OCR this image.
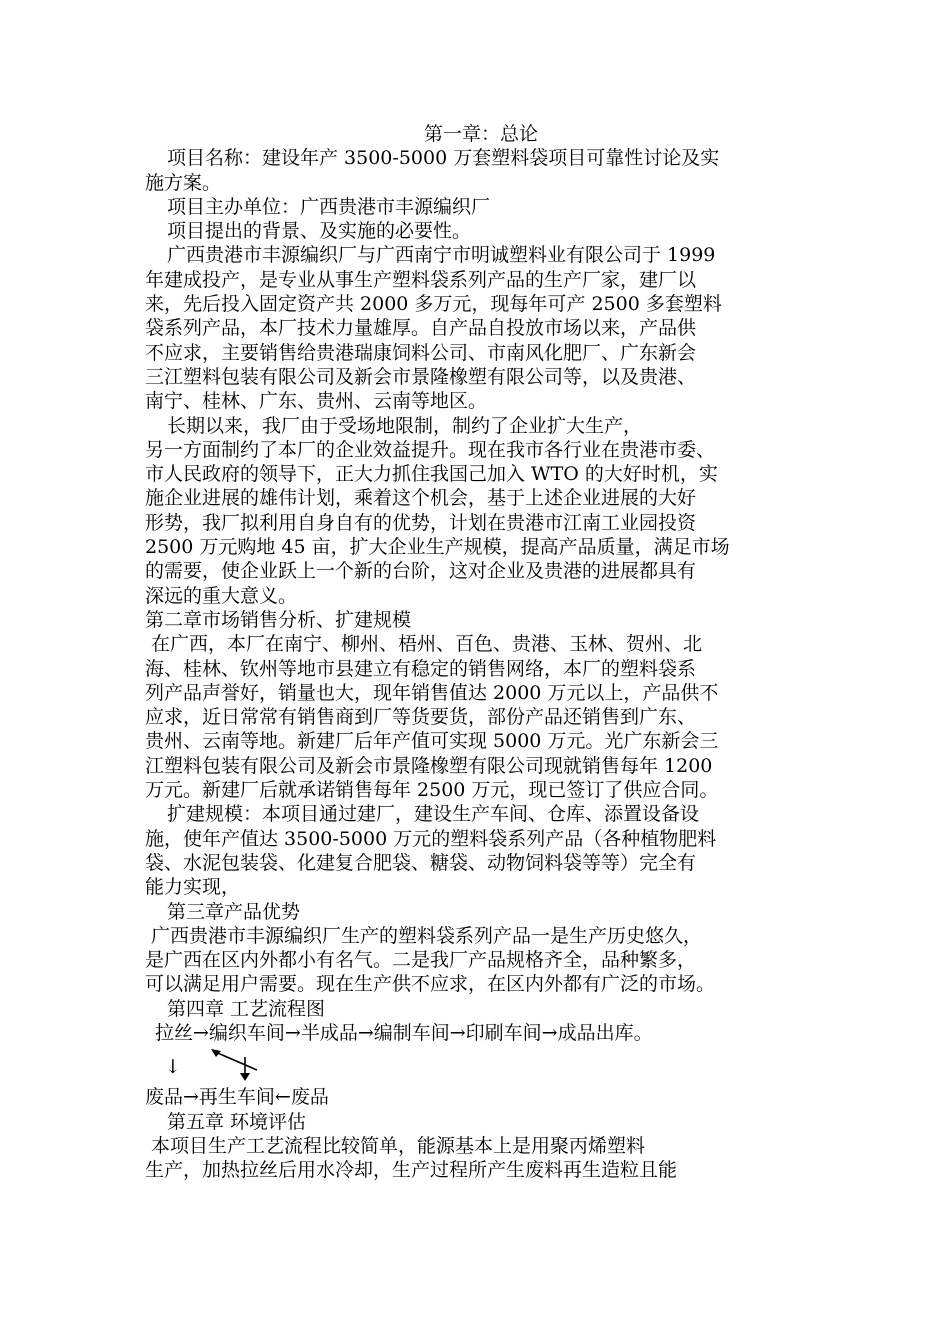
第一章：总论
项目名称：建设年产 3500-5000 万套塑料袋项目可靠性讨论及实
施方案。
项目主办单位：广西贵港市丰源编织厂
项目提出的背景、及实施的必要性。
广西贵港市丰源编织厂与广西南宁市明诚塑料业有限公司于 1999
年建成投产，是专业从事生产塑料袋系列产品的生产厂家，建厂以
来，先后投入固定资产共 2000 多万元，现每年可产 2500 多套塑料
袋系列产品，本厂技术力量雄厚。自产品自投放市场以来，产品供
不应求，主要销售给贵港瑞康饲料公司、市南风化肥厂、广东新会
三江塑料包装有限公司及新会市景隆橡塑有限公司等，以及贵港、
南宁、桂林、广东、贵州、云南等地区。
长期以来，我厂由于受场地限制，制约了企业扩大生产，
另一方面制约了本厂的企业效益提升。现在我市各行业在贵港市委、
市人民政府的领导下，正大力抓住我国己加入 WTO 的大好时机，实
施企业进展的雄伟计划，乘着这个机会，基于上述企业进展的大好
形势，我厂拟利用自身自有的优势，计划在贵港市江南工业园投资
2500 万元购地 45 亩，扩大企业生产规模，提高产品质量，满足市场
的需要，使企业跃上一个新的台阶，这对企业及贵港的进展都具有
深远的重大意义。
第二章市场销售分析、扩建规模
在广西，本厂在南宁、柳州、梧州、百色、贵港、玉林、贺州、北
海、桂林、钦州等地市县建立有稳定的销售网络，本厂的塑料袋系
列产品声誉好，销量也大，现年销售值达 2000 万元以上，产品供不
应求，近日常常有销售商到厂等货要货，部份产品还销售到广东、
贵州、云南等地。新建厂后年产值可实现 5000 万元。光广东新会三
江塑料包装有限公司及新会市景隆橡塑有限公司现就销售每年 1200
万元。新建厂后就承诺销售每年 2500 万元，现已签订了供应合同。
扩建规模：本项目通过建厂，建设生产车间、仓库、添置设备设
施，使年产值达 3500-5000 万元的塑料袋系列产品（各种植物肥料
袋、水泥包装袋、化建复合肥袋、糖袋、动物饲料袋等等）完全有
能力实现，
第三章产品优势
广西贵港市丰源编织厂生产的塑料袋系列产品一是生产历史悠久，
是广西在区内外都小有名气。二是我厂产品规格齐全，品种繁多，
可以满足用户需要。现在生产供不应求，在区内外都有广泛的市场。
第四章 工艺流程图
拉丝→编织车间→半成品→编制车间→印刷车间→成品出库。
↓
废品→再生车间←废品
第五章 环境评估
本项目生产工艺流程比较简单，能源基本上是用聚丙烯塑料
生产，加热拉丝后用水冷却，生产过程所产生废料再生造粒且能
